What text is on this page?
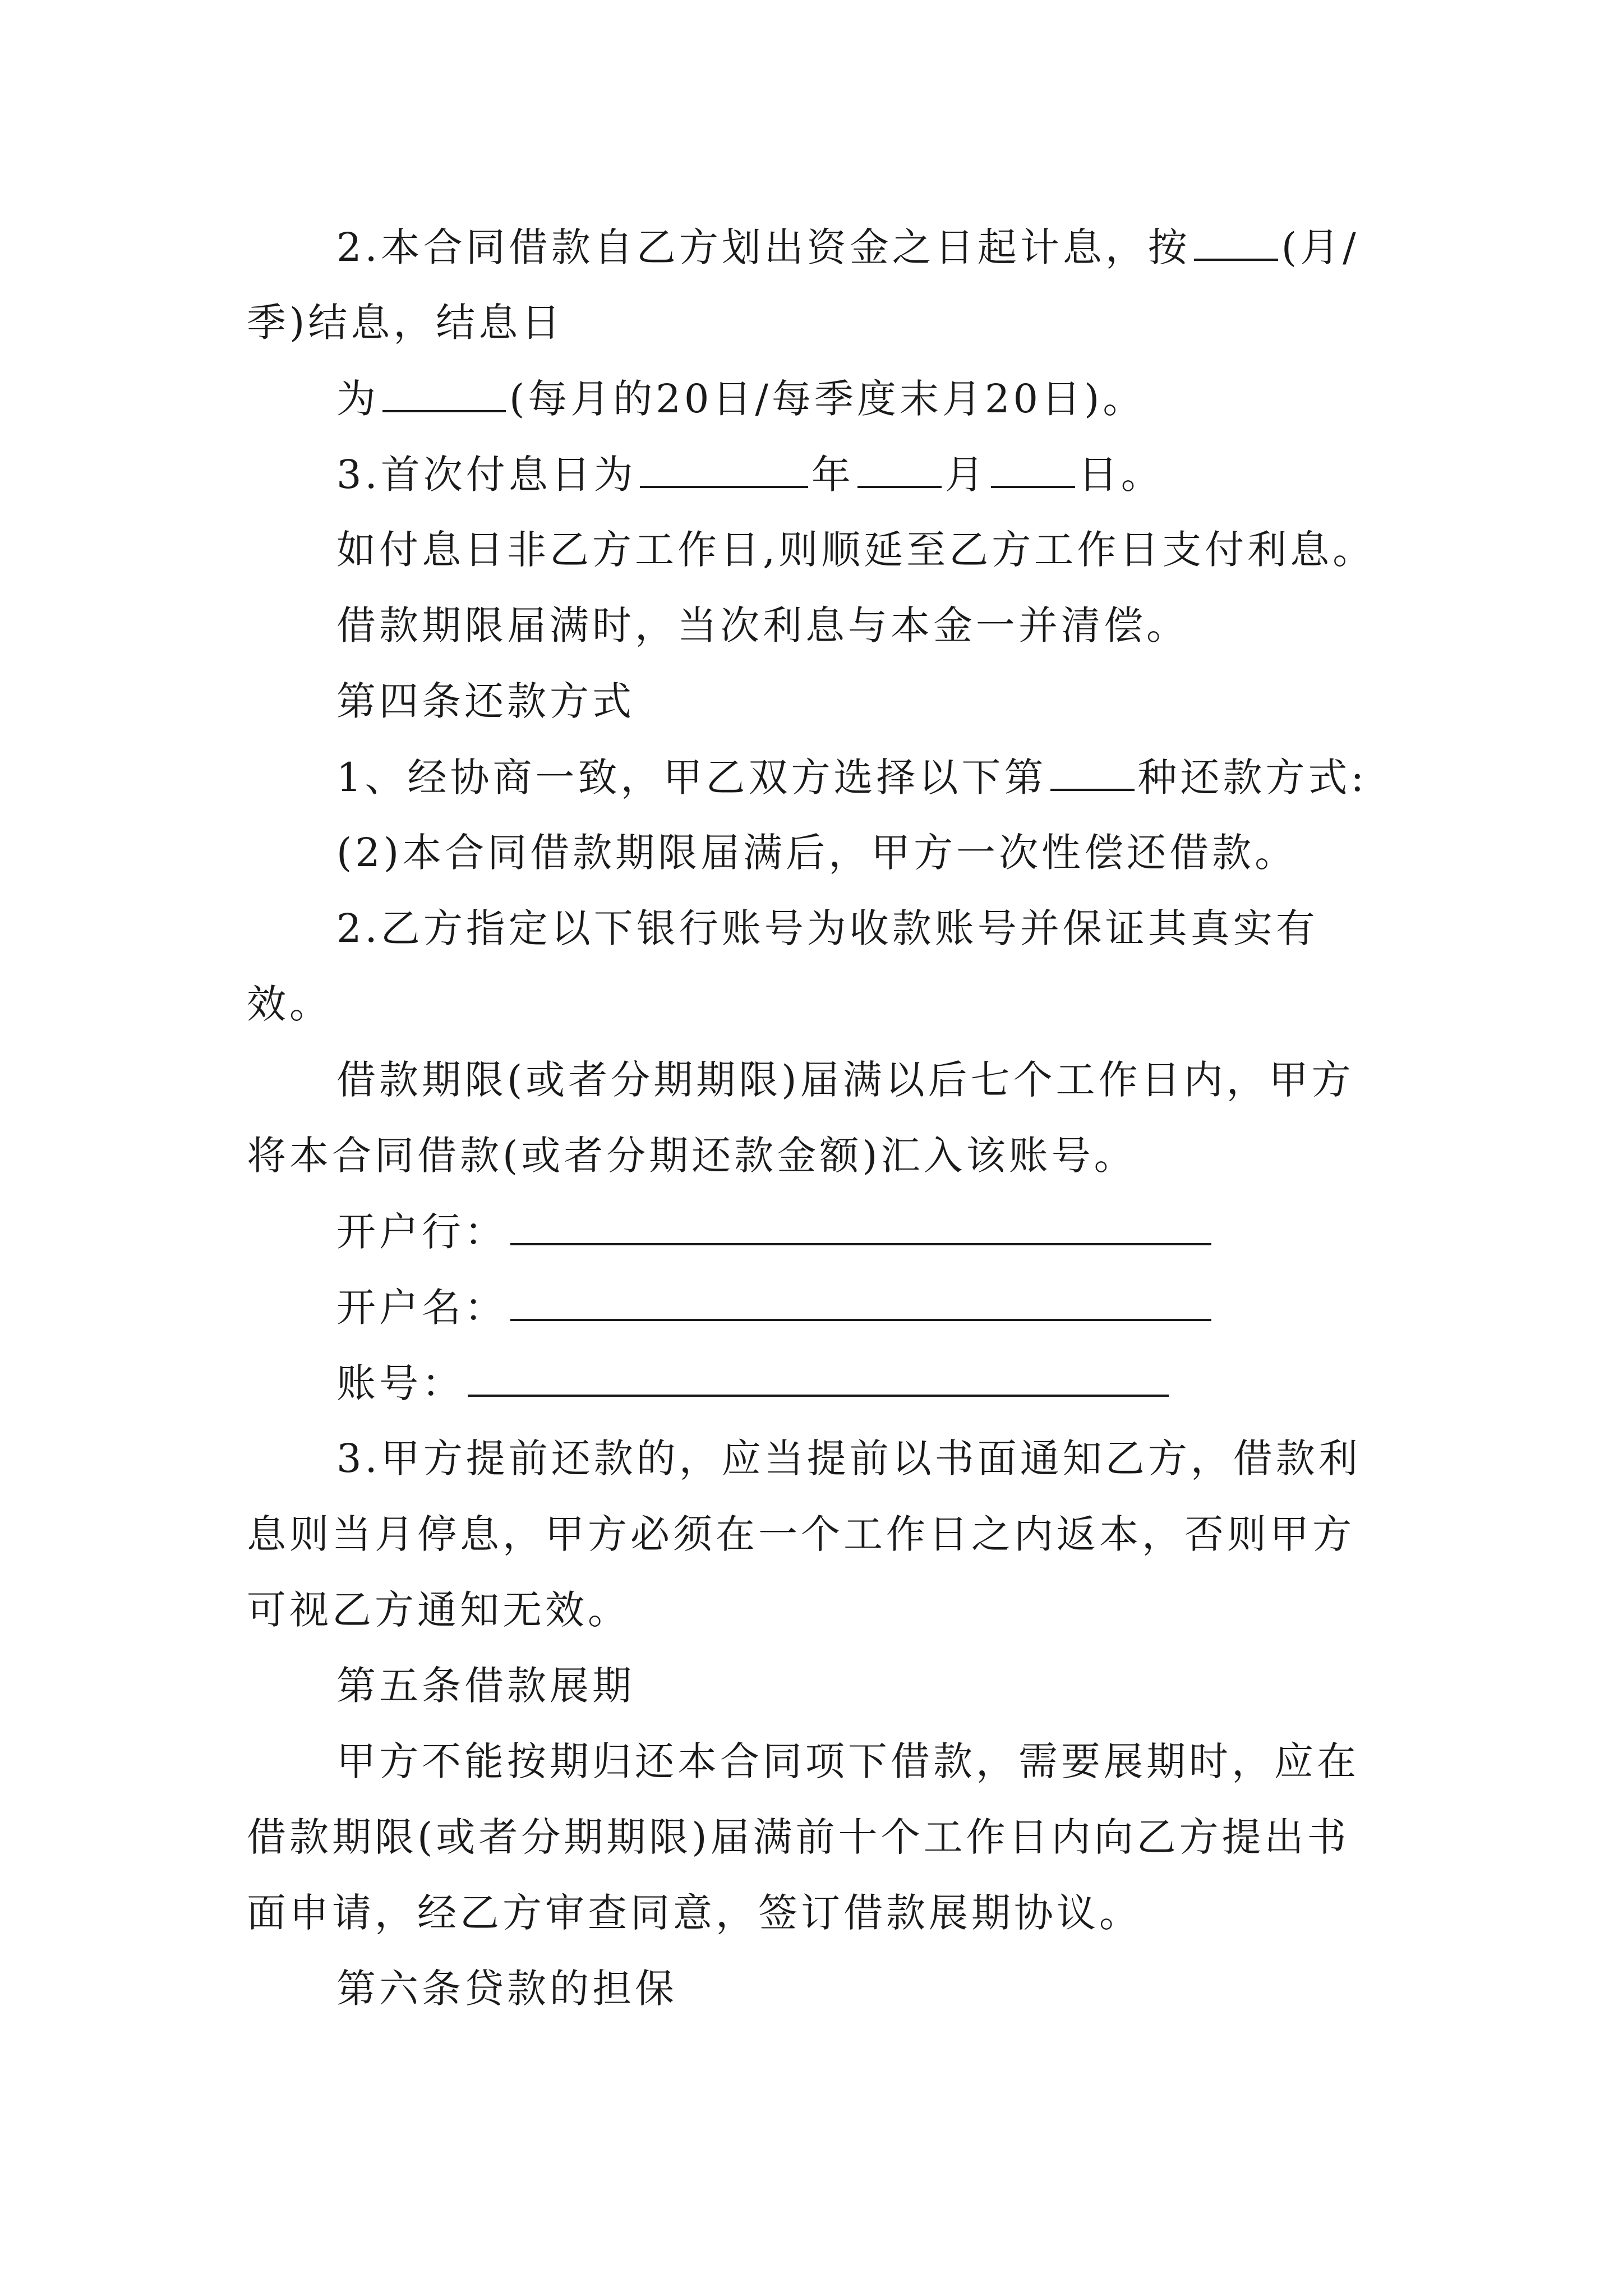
2.本合同借款自乙方划出资金之日起计息，按 (月/
季)结息，结息日
为	(每月的20日/每季度末月20日)。
3.首次付息日为	年 月 日。
如付息日非乙方工作日,则顺延至乙方工作日支付利息。
借款期限届满时，当次利息与本金一并清偿。
第四条还款方式
1、经协商一致，甲乙双方选择以下第 种还款方式:
(2)本合同借款期限届满后，甲方一次性偿还借款。
2.乙方指定以下银行账号为收款账号并保证其真实有
效。
借款期限(或者分期期限)届满以后七个工作日内，甲方
将本合同借款(或者分期还款金额)汇入该账号。
开户行：
开户名：
账号：
3.甲方提前还款的，应当提前以书面通知乙方，借款利
息则当月停息，甲方必须在一个工作日之内返本，否则甲方
可视乙方通知无效。
第五条借款展期
甲方不能按期归还本合同项下借款，需要展期时，应在
借款期限(或者分期期限)届满前十个工作日内向乙方提出书
面申请，经乙方审查同意，签订借款展期协议。
第六条贷款的担保
